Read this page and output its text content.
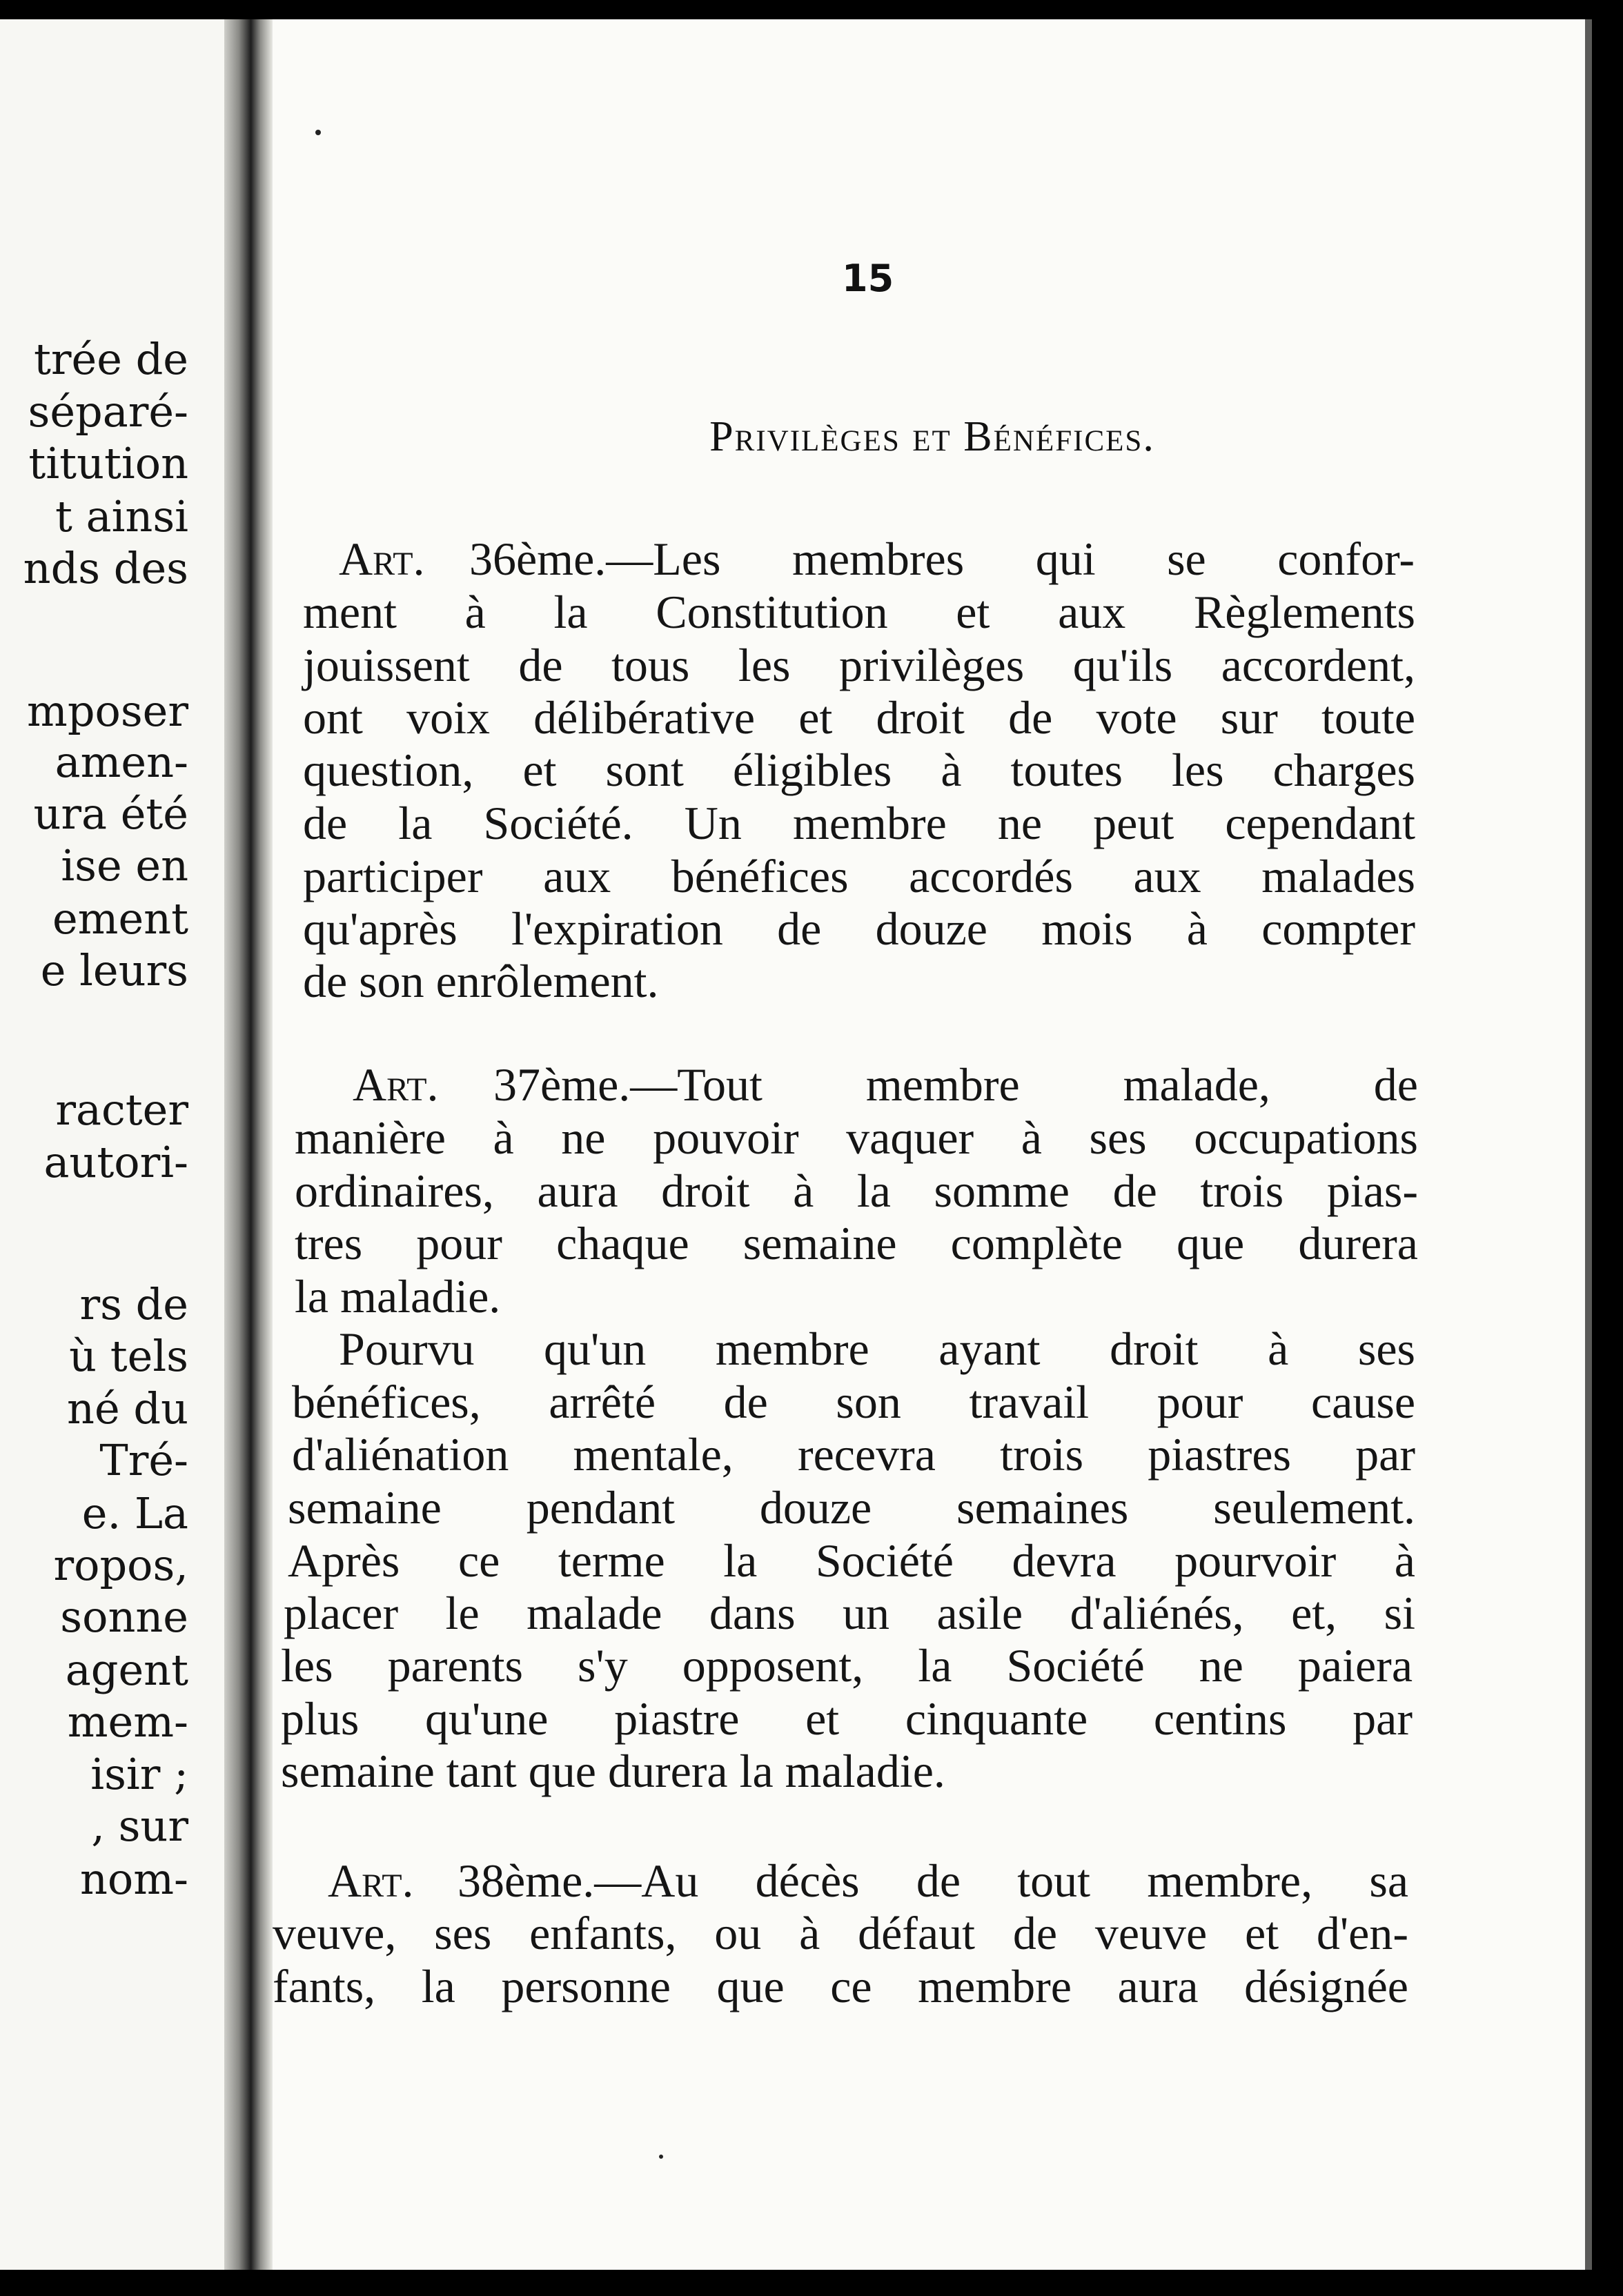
trée de
séparé-
titution
t ainsi
nds des
mposer
amen-
ura été
ise en
ement
e leurs
racter
autori-
rs de
ù tels
né du
Tré-
e. La
ropos,
sonne
agent
mem-
isir ;
, sur
nom-
15
Privilèges et Bénéfices.
Art. 36ème.—Les membres qui se confor-
ment à la Constitution et aux Règlements
jouissent de tous les privilèges qu'ils accordent,
ont voix délibérative et droit de vote sur toute
question, et sont éligibles à toutes les charges
de la Société. Un membre ne peut cependant
participer aux bénéfices accordés aux malades
qu'après l'expiration de douze mois à compter
de son enrôlement.
Art.	37ème.—Tout membre malade, de
manière à ne pouvoir vaquer à ses occupations
ordinaires, aura droit à la somme de trois pias-
tres pour chaque semaine complète que durera
la maladie.
Pourvu qu'un membre ayant droit à ses
bénéfices, arrêté de son travail pour cause
d'aliénation mentale, recevra trois piastres par
semaine pendant douze semaines seulement.
Après ce terme la Société devra pourvoir à
placer le malade dans un asile d'aliénés, et, si
les parents s'y opposent, la Société ne paiera
plus qu'une piastre et cinquante centins par
semaine tant que durera la maladie.
Art. 38ème.—Au décès de tout membre, sa
veuve, ses enfants, ou à défaut de veuve et d'en-
fants, la personne que ce membre aura désignée
